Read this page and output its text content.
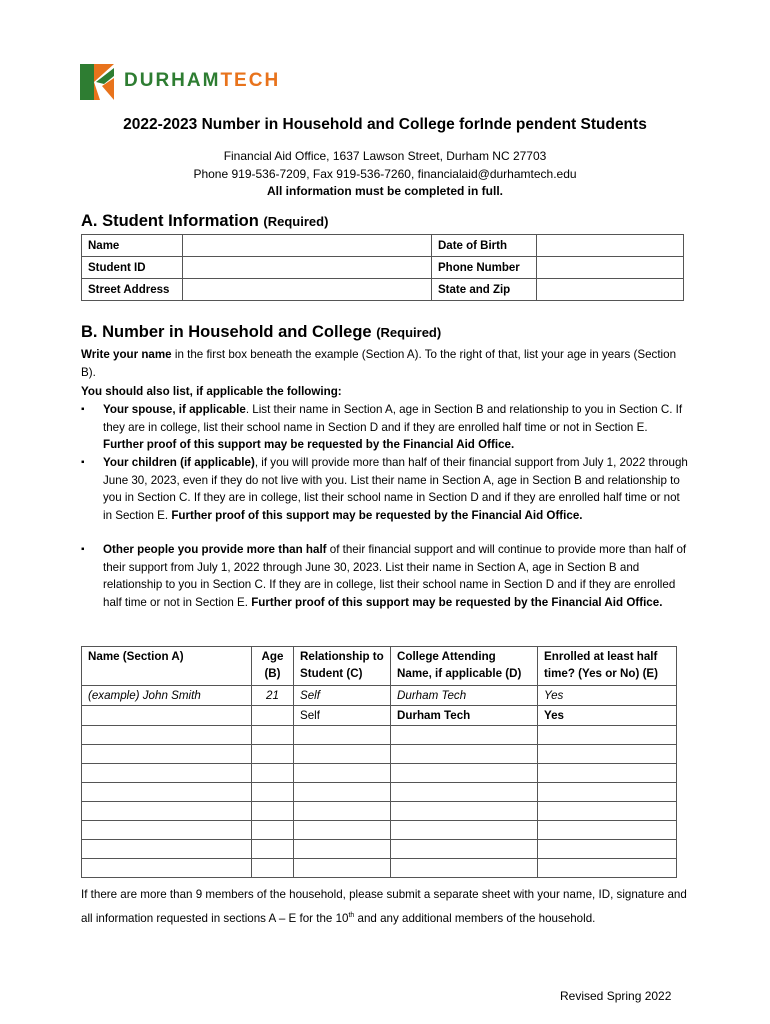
DURHAMTECH
2022-2023 Number in Household and College forInde pendent Students
Financial Aid Office, 1637 Lawson Street, Durham NC 27703
Phone 919-536-7209, Fax 919-536-7260, financialaid@durhamtech.edu
All information must be completed in full.
A. Student Information (Required)
Name		Date of Birth	
Student ID		Phone Number	
Street Address		State and Zip	
B. Number in Household and College (Required)
Write your name in the first box beneath the example (Section A). To the right of that, list your age in years (Section B).
You should also list, if applicable the following:
▪ Your spouse, if applicable. List their name in Section A, age in Section B and relationship to you in Section C. If they are in college, list their school name in Section D and if they are enrolled half time or not in Section E. Further proof of this support may be requested by the Financial Aid Office.
▪ Your children (if applicable), if you will provide more than half of their financial support from July 1, 2022 through June 30, 2023, even if they do not live with you. List their name in Section A, age in Section B and relationship to you in Section C. If they are in college, list their school name in Section D and if they are enrolled half time or not in Section E. Further proof of this support may be requested by the Financial Aid Office.
▪ Other people you provide more than half of their financial support and will continue to provide more than half of their support from July 1, 2022 through June 30, 2023. List their name in Section A, age in Section B and relationship to you in Section C. If they are in college, list their school name in Section D and if they are enrolled half time or not in Section E. Further proof of this support may be requested by the Financial Aid Office.
Name (Section A)	Age (B)	Relationship to Student (C)	College Attending Name, if applicable (D)	Enrolled at least half time? (Yes or No) (E)
(example) John Smith	21	Self	Durham Tech	Yes
		Self	Durham Tech	Yes

If there are more than 9 members of the household, please submit a separate sheet with your name, ID, signature and all information requested in sections A – E for the 10th and any additional members of the household.
Revised Spring 2022
